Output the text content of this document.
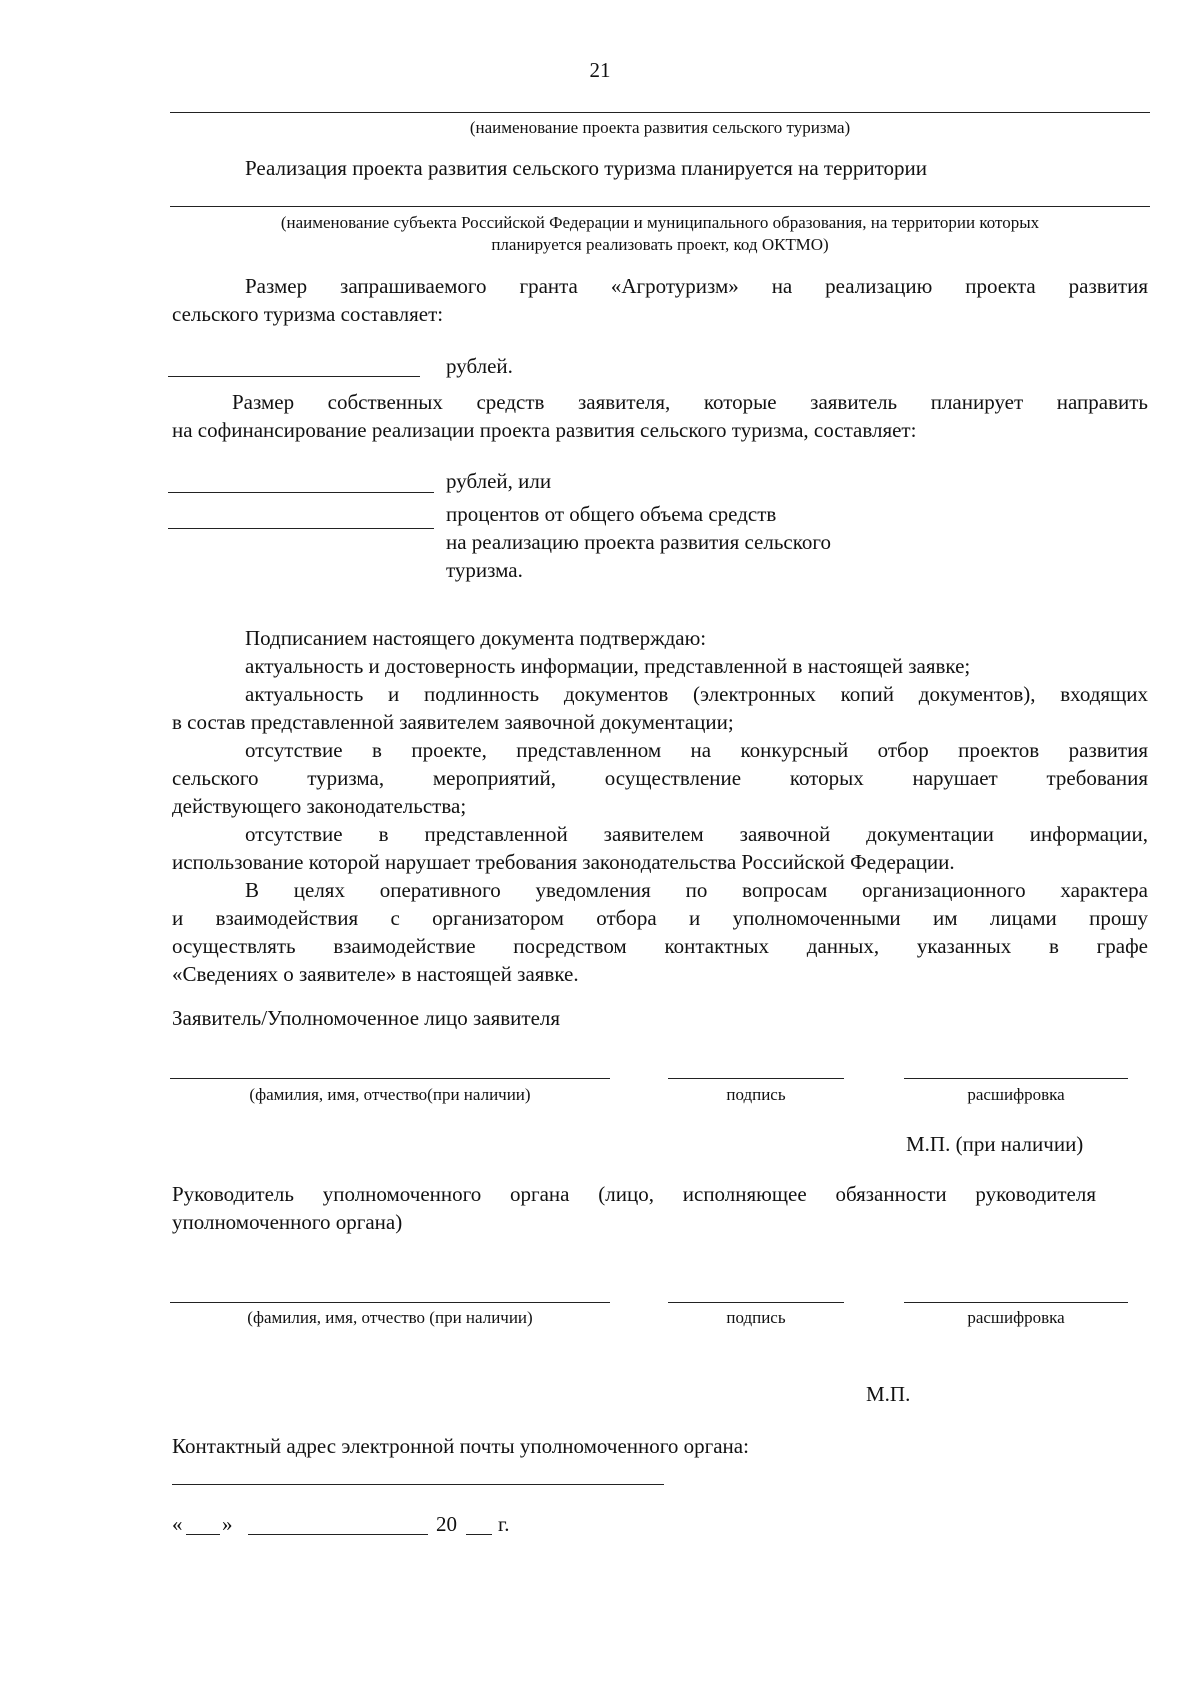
21
(наименование проекта развития сельского туризма)
Реализация проекта развития сельского туризма планируется на территории
(наименование субъекта Российской Федерации и муниципального образования, на территории которых
планируется реализовать проект, код ОКТМО)
Размер запрашиваемого гранта «Агротуризм» на реализацию проекта развития
сельского туризма составляет:
рублей.
Размер собственных средств заявителя, которые заявитель планирует направить
на софинансирование реализации проекта развития сельского туризма, составляет:
рублей, или
процентов от общего объема средств
на реализацию проекта развития сельского
туризма.
Подписанием настоящего документа подтверждаю:
актуальность и достоверность информации, представленной в настоящей заявке;
актуальность и подлинность документов (электронных копий документов), входящих
в состав представленной заявителем заявочной документации;
отсутствие в проекте, представленном на конкурсный отбор проектов развития
сельского туризма, мероприятий, осуществление которых нарушает требования
действующего законодательства;
отсутствие в представленной заявителем заявочной документации информации,
использование которой нарушает требования законодательства Российской Федерации.
В целях оперативного уведомления по вопросам организационного характера
и взаимодействия с организатором отбора и уполномоченными им лицами прошу
осуществлять взаимодействие посредством контактных данных, указанных в графе
«Сведениях о заявителе» в настоящей заявке.
Заявитель/Уполномоченное лицо заявителя
(фамилия, имя, отчество(при наличии)	подпись	расшифровка
М.П. (при наличии)
Руководитель уполномоченного органа (лицо, исполняющее обязанности руководителя
уполномоченного органа)
(фамилия, имя, отчество (при наличии)	подпись	расшифровка
М.П.
Контактный адрес электронной почты уполномоченного органа:
« »	20 г.
